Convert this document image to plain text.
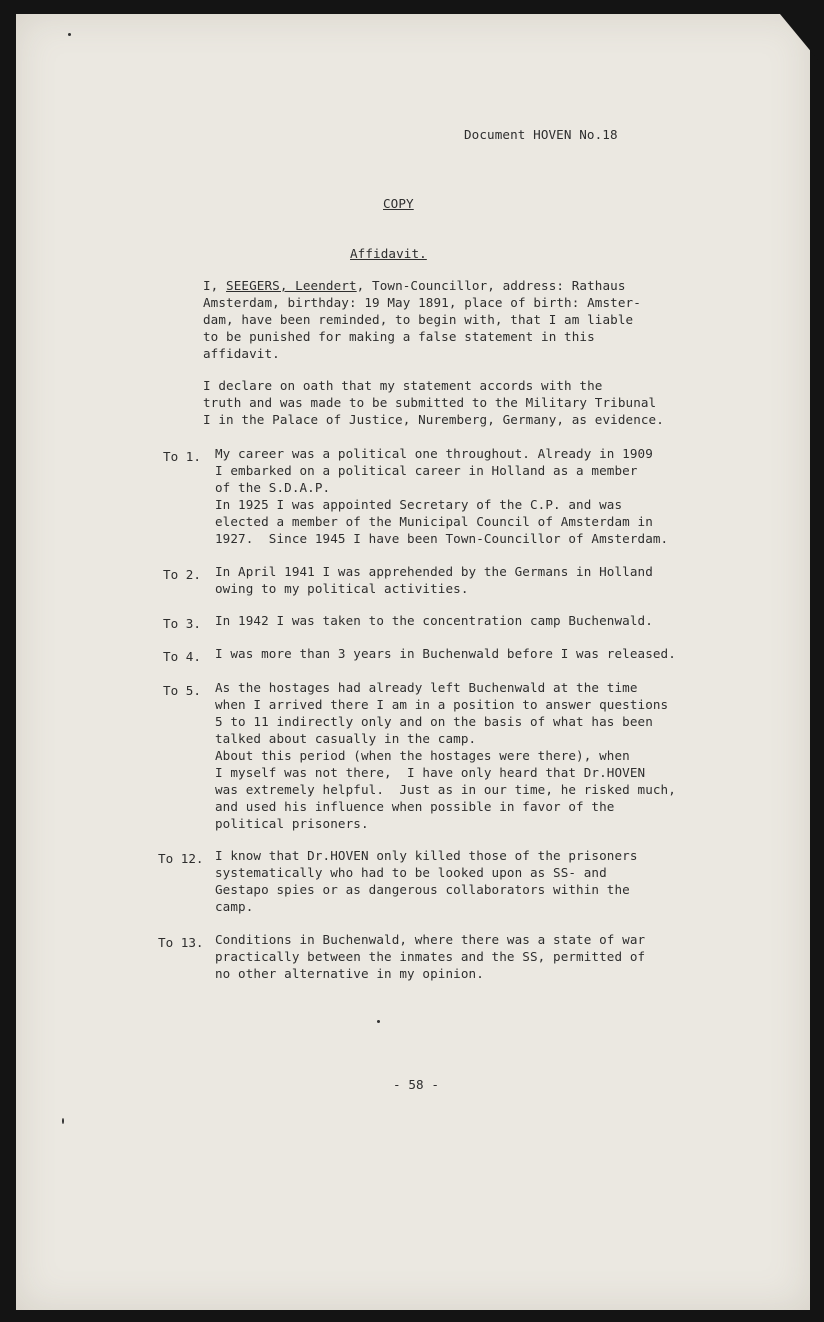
Document HOVEN No.18
COPY
Affidavit.
I, SEEGERS, Leendert, Town-Councillor, address: Rathaus
Amsterdam, birthday: 19 May 1891, place of birth: Amster-
dam, have been reminded, to begin with, that I am liable
to be punished for making a false statement in this
affidavit.
I declare on oath that my statement accords with the
truth and was made to be submitted to the Military Tribunal
I in the Palace of Justice, Nuremberg, Germany, as evidence.
To 1. My career was a political one throughout. Already in 1909
I embarked on a political career in Holland as a member
of the S.D.A.P.
In 1925 I was appointed Secretary of the C.P. and was
elected a member of the Municipal Council of Amsterdam in
1927.  Since 1945 I have been Town-Councillor of Amsterdam.
To 2. In April 1941 I was apprehended by the Germans in Holland
owing to my political activities.
To 3. In 1942 I was taken to the concentration camp Buchenwald.
To 4. I was more than 3 years in Buchenwald before I was released.
To 5. As the hostages had already left Buchenwald at the time
when I arrived there I am in a position to answer questions
5 to 11 indirectly only and on the basis of what has been
talked about casually in the camp.
About this period (when the hostages were there), when
I myself was not there,  I have only heard that Dr.HOVEN
was extremely helpful.  Just as in our time, he risked much,
and used his influence when possible in favor of the
political prisoners.
To 12. I know that Dr.HOVEN only killed those of the prisoners
systematically who had to be looked upon as SS- and
Gestapo spies or as dangerous collaborators within the
camp.
To 13. Conditions in Buchenwald, where there was a state of war
practically between the inmates and the SS, permitted of
no other alternative in my opinion.
- 58 -
